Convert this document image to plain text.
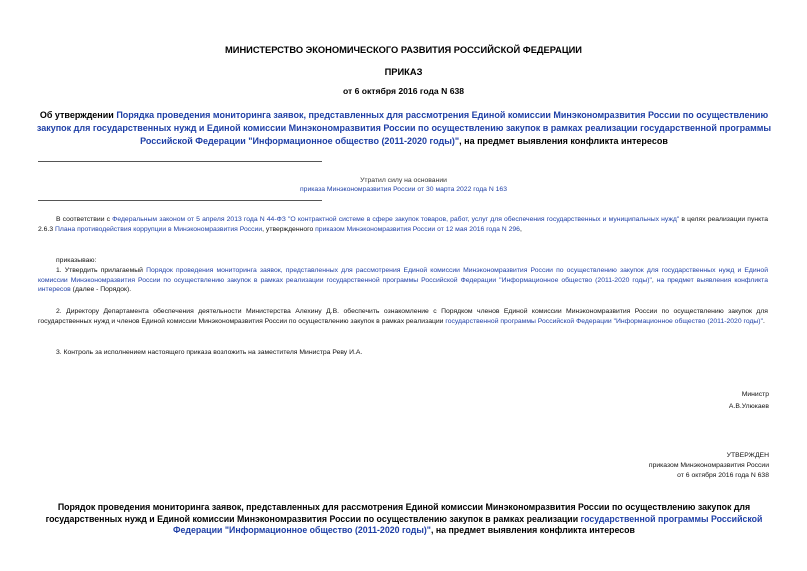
МИНИСТЕРСТВО ЭКОНОМИЧЕСКОГО РАЗВИТИЯ РОССИЙСКОЙ ФЕДЕРАЦИИ
ПРИКАЗ
от 6 октября 2016 года N 638
Об утверждении Порядка проведения мониторинга заявок, представленных для рассмотрения Единой комиссии Минэкономразвития России по осуществлению закупок для государственных нужд и Единой комиссии Минэкономразвития России по осуществлению закупок в рамках реализации государственной программы Российской Федерации "Информационное общество (2011-2020 годы)", на предмет выявления конфликта интересов
Утратил силу на основании
приказа Минэкономразвития России от 30 марта 2022 года N 163
В соответствии с Федеральным законом от 5 апреля 2013 года N 44-ФЗ "О контрактной системе в сфере закупок товаров, работ, услуг для обеспечения государственных и муниципальных нужд" в целях реализации пункта 2.6.3 Плана противодействия коррупции в Минэкономразвития России, утвержденного приказом Минэкономразвития России от 12 мая 2016 года N 296,
приказываю:
1. Утвердить прилагаемый Порядок проведения мониторинга заявок, представленных для рассмотрения Единой комиссии Минэкономразвития России по осуществлению закупок для государственных нужд и Единой комиссии Минэкономразвития России по осуществлению закупок в рамках реализации государственной программы Российской Федерации "Информационное общество (2011-2020 годы)", на предмет выявления конфликта интересов (далее - Порядок).
2. Директору Департамента обеспечения деятельности Министерства Алехину Д.В. обеспечить ознакомление с Порядком членов Единой комиссии Минэкономразвития России по осуществлению закупок для государственных нужд и членов Единой комиссии Минэкономразвития России по осуществлению закупок в рамках реализации государственной программы Российской Федерации "Информационное общество (2011-2020 годы)".
3. Контроль за исполнением настоящего приказа возложить на заместителя Министра Реву И.А.
Министр
А.В.Улюкаев
УТВЕРЖДЕН
приказом Минэкономразвития России
от 6 октября 2016 года N 638
Порядок проведения мониторинга заявок, представленных для рассмотрения Единой комиссии Минэкономразвития России по осуществлению закупок для государственных нужд и Единой комиссии Минэкономразвития России по осуществлению закупок в рамках реализации государственной программы Российской Федерации "Информационное общество (2011-2020 годы)", на предмет выявления конфликта интересов
